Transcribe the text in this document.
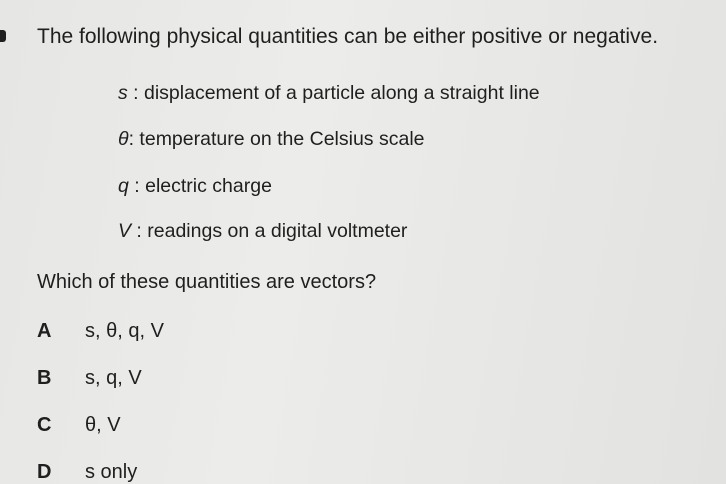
The following physical quantities can be either positive or negative.
s : displacement of a particle along a straight line
θ: temperature on the Celsius scale
q : electric charge
V : readings on a digital voltmeter
Which of these quantities are vectors?
A	s, θ, q, V
B	s, q, V
C	θ, V
D	s only
